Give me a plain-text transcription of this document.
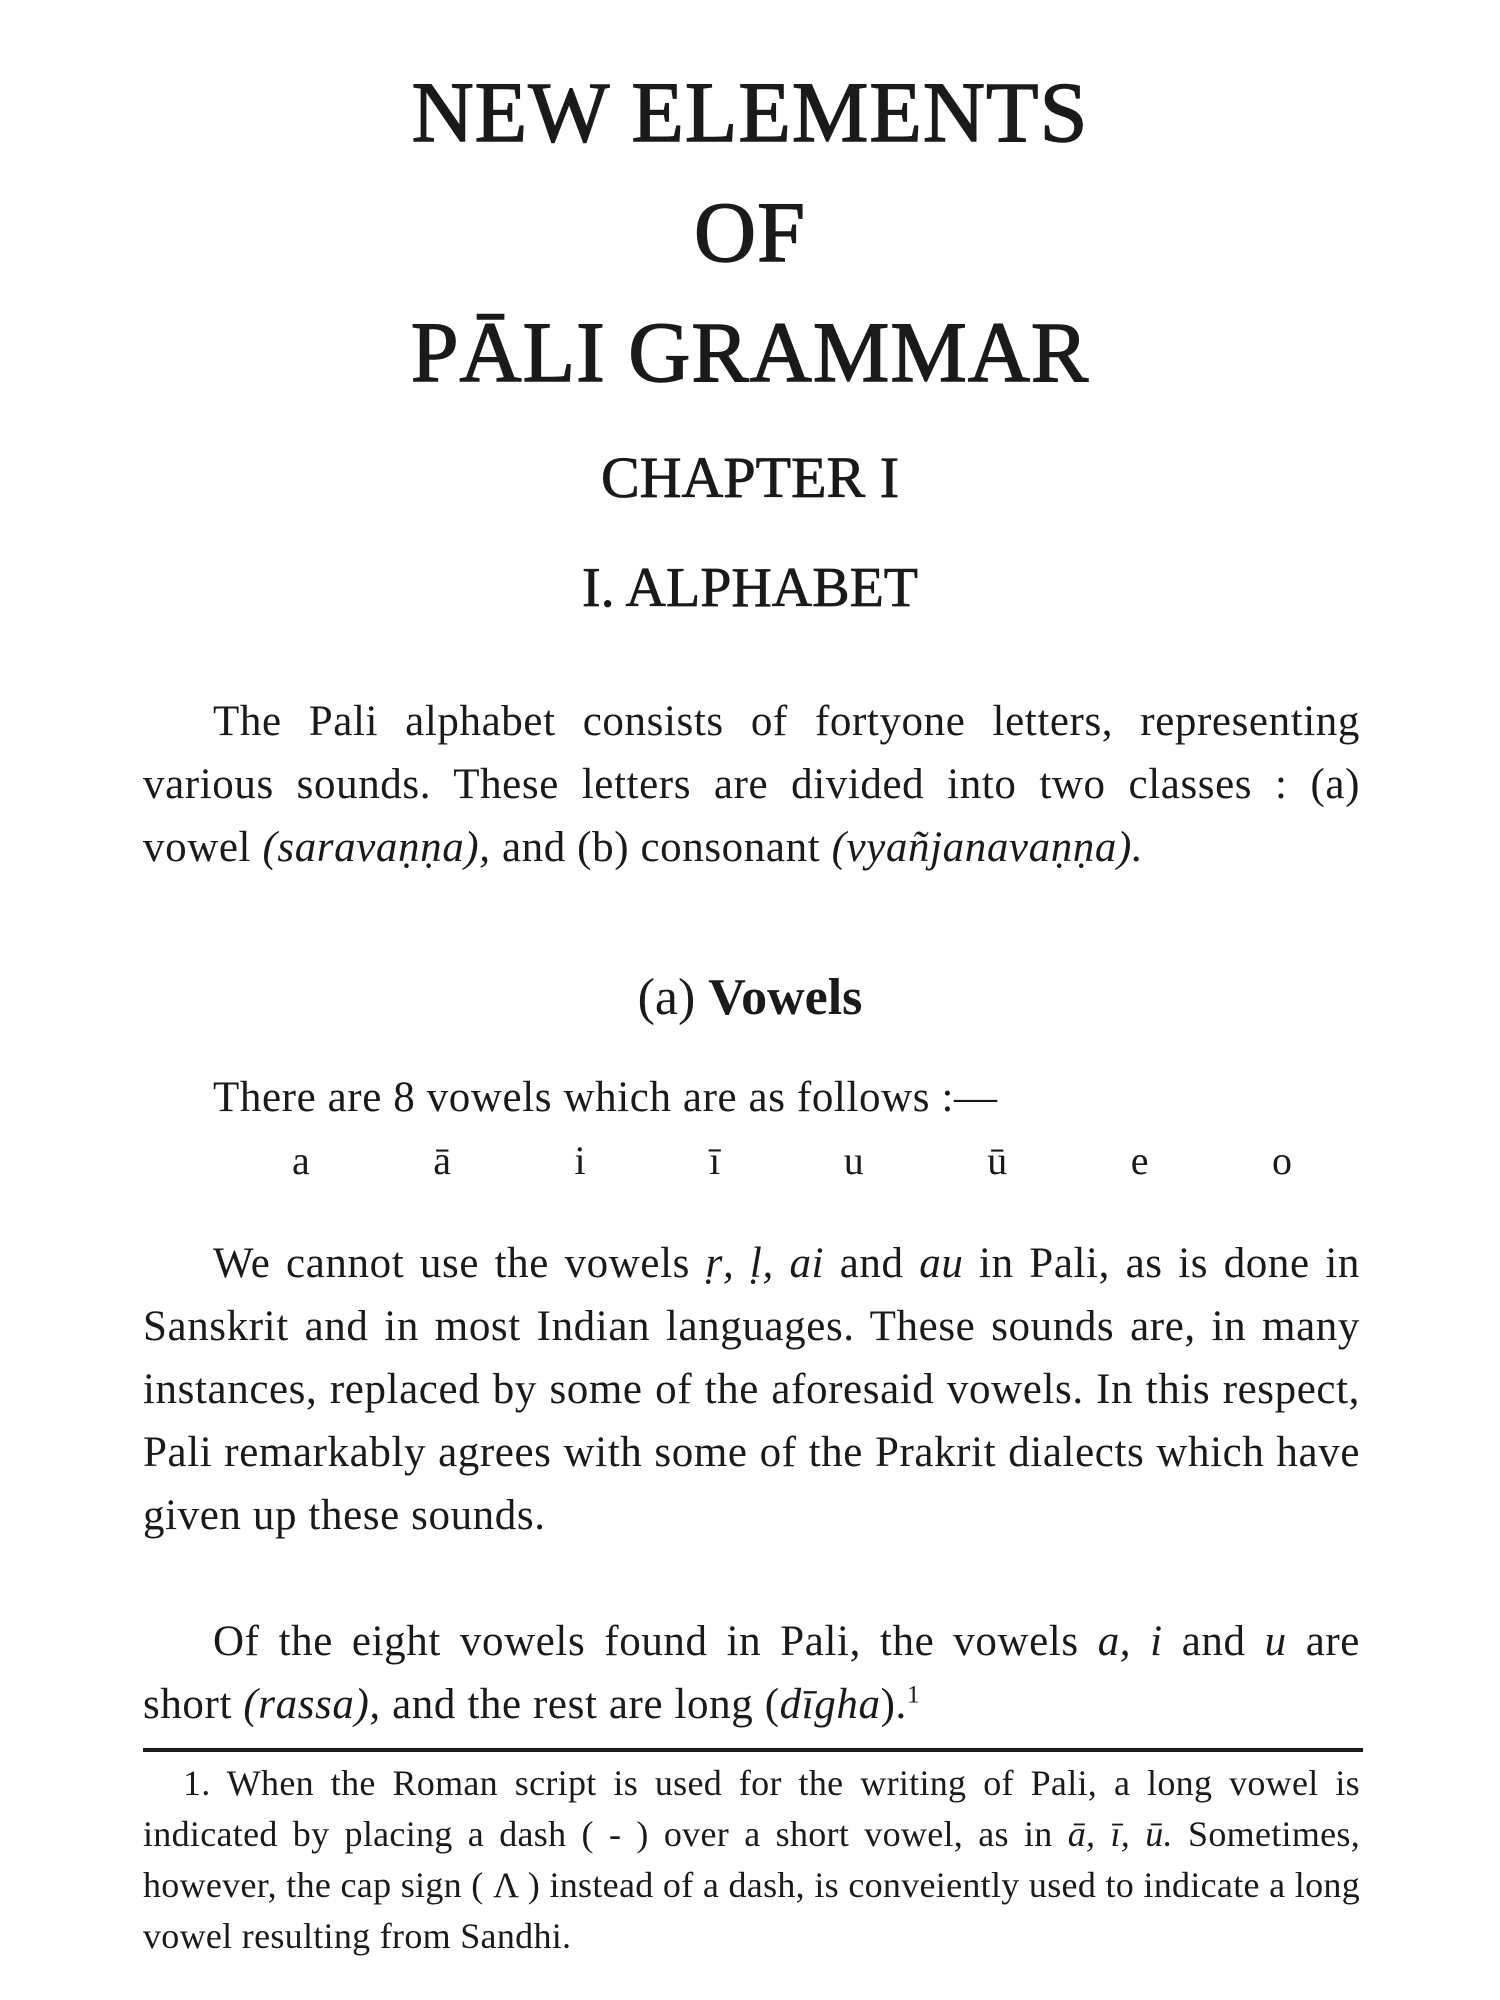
NEW ELEMENTS
OF
PĀLI GRAMMAR
CHAPTER I
I. ALPHABET

The Pali alphabet consists of fortyone letters, representing various sounds. These letters are divided into two classes : (a) vowel (saravaṇṇa), and (b) consonant (vyañjanavaṇṇa).

(a) Vowels
There are 8 vowels which are as follows :—
a	ā	i	ī	u	ū	e	o

We cannot use the vowels ṛ, ḷ, ai and au in Pali, as is done in Sanskrit and in most Indian languages. These sounds are, in many instances, replaced by some of the aforesaid vowels. In this respect, Pali remarkably agrees with some of the Prakrit dialects which have given up these sounds.

Of the eight vowels found in Pali, the vowels a, i and u are short (rassa), and the rest are long (dīgha).$^1$

1. When the Roman script is used for the writing of Pali, a long vowel is indicated by placing a dash ( - ) over a short vowel, as in ā, ī, ū. Sometimes, however, the cap sign ( Λ ) instead of a dash, is conveiently used to indicate a long vowel resulting from Sandhi.
